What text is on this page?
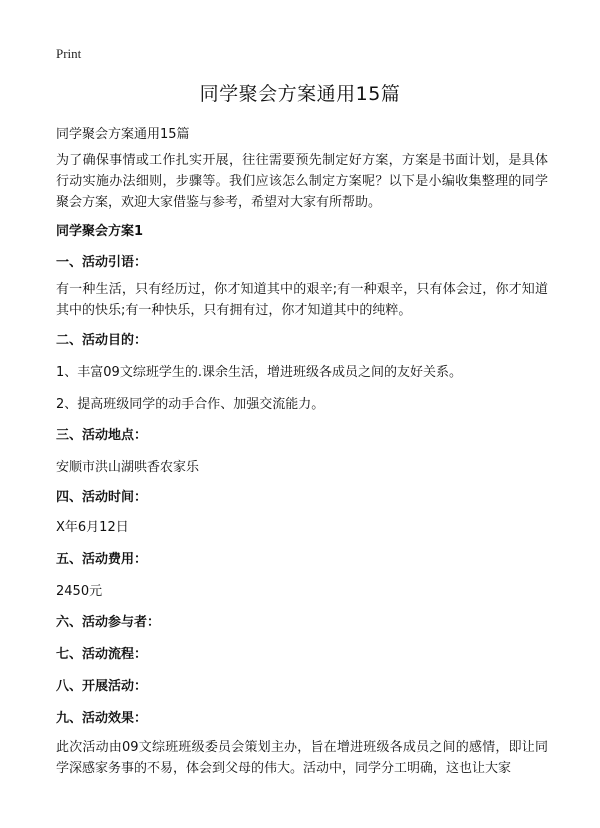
Print
同学聚会方案通用15篇
同学聚会方案通用15篇
为了确保事情或工作扎实开展，往往需要预先制定好方案，方案是书面计划，是具体行动实施办法细则，步骤等。我们应该怎么制定方案呢？以下是小编收集整理的同学聚会方案，欢迎大家借鉴与参考，希望对大家有所帮助。
同学聚会方案1
一、活动引语：
有一种生活，只有经历过，你才知道其中的艰辛;有一种艰辛，只有体会过，你才知道其中的快乐;有一种快乐，只有拥有过，你才知道其中的纯粹。
二、活动目的：
1、丰富09文综班学生的.课余生活，增进班级各成员之间的友好关系。
2、提高班级同学的动手合作、加强交流能力。
三、活动地点：
安顺市洪山湖哄香农家乐
四、活动时间：
X年6月12日
五、活动费用：
2450元
六、活动参与者：
七、活动流程：
八、开展活动：
九、活动效果：
此次活动由09文综班班级委员会策划主办，旨在增进班级各成员之间的感情，即让同学深感家务事的不易，体会到父母的伟大。活动中，同学分工明确，这也让大家
